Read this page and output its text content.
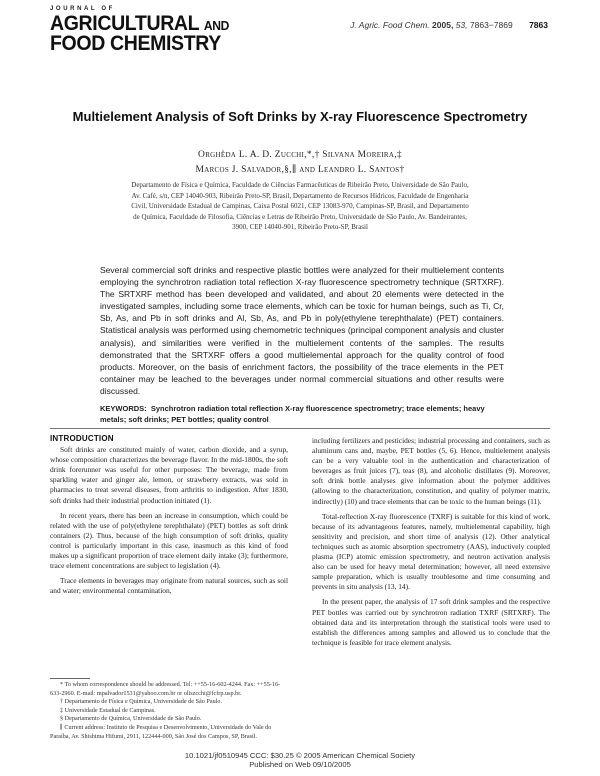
JOURNAL OF
AGRICULTURAL AND
FOOD CHEMISTRY
J. Agric. Food Chem. 2005, 53, 7863−7869 7863
Multielement Analysis of Soft Drinks by X-ray Fluorescence Spectrometry
Orghêda L. A. D. Zucchi,*,† Silvana Moreira,‡
Marcos J. Salvador,§,∥ and Leandro L. Santos†
Departamento de Física e Química, Faculdade de Ciências Farmacêuticas de Ribeirão Preto, Universidade de São Paulo, Av. Café, s/n, CEP 14040-903, Ribeirão Preto-SP, Brasil, Departamento de Recursos Hídricos, Faculdade de Engenharia Civil, Universidade Estadual de Campinas, Caixa Postal 6021, CEP 13083-970, Campinas-SP, Brasil, and Departamento de Química, Faculdade de Filosofia, Ciências e Letras de Ribeirão Preto, Universidade de São Paulo, Av. Bandeirantes, 3900, CEP 14040-901, Ribeirão Preto-SP, Brasil
Several commercial soft drinks and respective plastic bottles were analyzed for their multielement contents employing the synchrotron radiation total reflection X-ray fluorescence spectrometry technique (SRTXRF). The SRTXRF method has been developed and validated, and about 20 elements were detected in the investigated samples, including some trace elements, which can be toxic for human beings, such as Ti, Cr, Sb, As, and Pb in soft drinks and Al, Sb, As, and Pb in poly(ethylene terephthalate) (PET) containers. Statistical analysis was performed using chemometric techniques (principal component analysis and cluster analysis), and similarities were verified in the multielement contents of the samples. The results demonstrated that the SRTXRF offers a good multielemental approach for the quality control of food products. Moreover, on the basis of enrichment factors, the possibility of the trace elements in the PET container may be leached to the beverages under normal commercial situations and other results were discussed.
KEYWORDS: Synchrotron radiation total reflection X-ray fluorescence spectrometry; trace elements; heavy metals; soft drinks; PET bottles; quality control
INTRODUCTION

Soft drinks are constituted mainly of water, carbon dioxide, and a syrup, whose composition characterizes the beverage flavor. In the mid-1800s, the soft drink forerunner was useful for other purposes: The beverage, made from sparkling water and ginger ale, lemon, or strawberry extracts, was sold in pharmacies to treat several diseases, from arthritis to indigestion. After 1830, soft drinks had their industrial production initiated (1).

In recent years, there has been an increase in consumption, which could be related with the use of poly(ethylene terephthalate) (PET) bottles as soft drink containers (2). Thus, because of the high consumption of soft drinks, quality control is particularly important in this case, inasmuch as this kind of food makes up a significant proportion of trace element daily intake (3); furthermore, trace element concentrations are subject to legislation (4).

Trace elements in beverages may originate from natural sources, such as soil and water; environmental contamination,

including fertilizers and pesticides; industrial processing and containers, such as aluminum cans and, maybe, PET bottles (5, 6). Hence, multielement analysis can be a very valuable tool in the authentication and characterization of beverages as fruit juices (7), teas (8), and alcoholic distillates (9). Moreover, soft drink bottle analyses give information about the polymer additives (allowing to the characterization, constitution, and quality of polymer matrix, indirectly) (10) and trace elements that can be toxic to the human beings (11).

Total-reflection X-ray fluorescence (TXRF) is suitable for this kind of work, because of its advantageous features, namely, multielemental capability, high sensitivity and precision, and short time of analysis (12). Other analytical techniques such as atomic absorption spectrometry (AAS), inductively coupled plasma (ICP) atomic emission spectrometry, and neutron activation analysis also can be used for heavy metal determination; however, all need extensive sample preparation, which is usually troublesome and time consuming and prevents in situ analysis (13, 14).

In the present paper, the analysis of 17 soft drink samples and the respective PET bottles was carried out by synchrotron radiation TXRF (SRTXRF). The obtained data and its interpretation through the statistical tools were used to establish the differences among samples and allowed us to conclude that the technique is feasible for trace element analysis.

* To whom correspondence should be addressed. Tel: ++55-16-602-4244. Fax: ++55-16-633-2960. E-mail: mpalvador1531@yahoo.com.br or oliszcchi@fcfrp.usp.br.
† Departamento de Física e Química, Universidade de São Paulo.
‡ Universidade Estadual de Campinas.
§ Departamento de Química, Universidade de São Paulo.
∥ Current address: Instituto de Pesquisa e Desenvolvimento, Universidade do Vale do Paraíba, Av. Shishima Hifumi, 2911, 122444-000, São José dos Campos, SP, Brasil.
10.1021/jf0510945 CCC: $30.25 © 2005 American Chemical Society
Published on Web 09/10/2005
